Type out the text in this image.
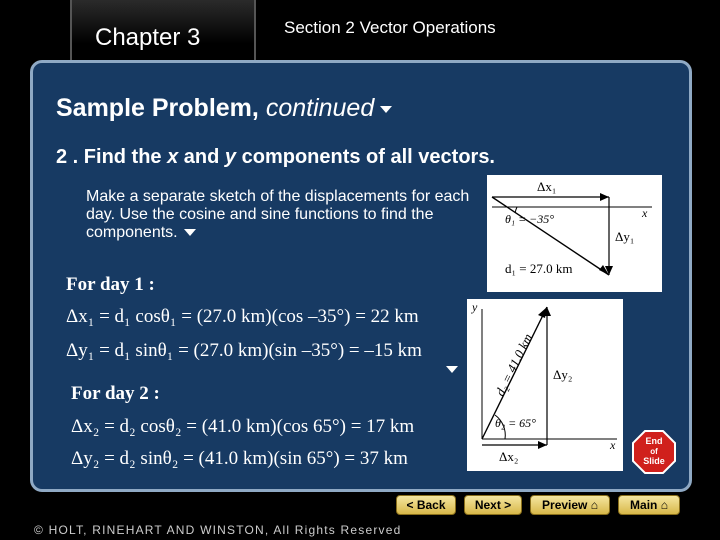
Chapter 3	Section 2 Vector Operations
Sample Problem, continued
2 . Find the x and y components of all vectors.
Make a separate sketch of the displacements for each day. Use the cosine and sine functions to find the components.
Δx₁
θ₁ = −35°	x
Δy₁
d₁ = 27.0 km
y
d₂ = 41.0 km Δy₂
θ₂ = 65°
x
Δx₂
For day 1 :
Δx₁ = d₁ cosθ₁ = (27.0 km)(cos –35°) = 22 km
Δy₁ = d₁ sinθ₁ = (27.0 km)(sin –35°) = –15 km
For day 2 :
Δx₂ = d₂ cosθ₂ = (41.0 km)(cos 65°) = 17 km
Δy₂ = d₂ sinθ₂ = (41.0 km)(sin 65°) = 37 km
End
of
Slide
< Back Next >	Preview
⌂	Main
⌂
© HOLT, RINEHART AND WINSTON, All Rights Reserved
